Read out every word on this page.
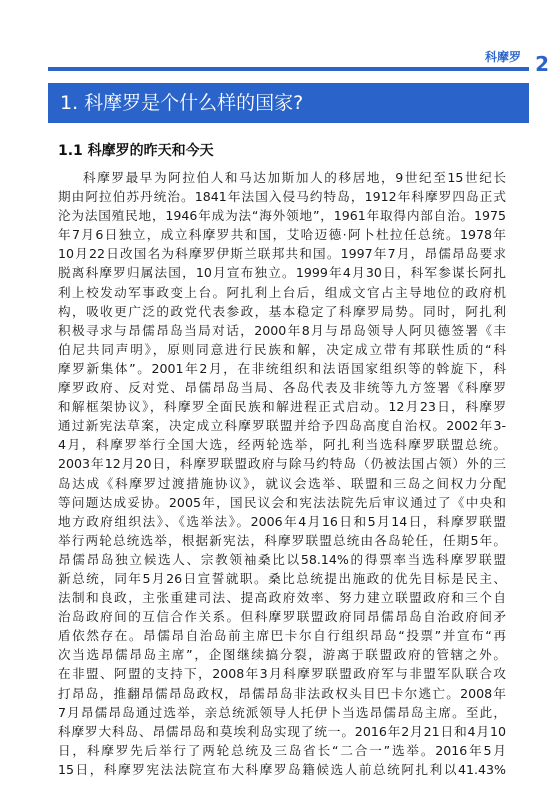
科摩罗 2
1. 科摩罗是个什么样的国家?
1.1 科摩罗的昨天和今天
科摩罗最早为阿拉伯人和马达加斯加人的移居地，9世纪至15世纪长
期由阿拉伯苏丹统治。1841年法国入侵马约特岛，1912年科摩罗四岛正式
沦为法国殖民地，1946年成为法“海外领地”，1961年取得内部自治。1975
年7月6日独立，成立科摩罗共和国，艾哈迈德·阿卜杜拉任总统。1978年
10月22日改国名为科摩罗伊斯兰联邦共和国。1997年7月，昂儒昂岛要求
脱离科摩罗归属法国，10月宣布独立。1999年4月30日，科军参谋长阿扎
利上校发动军事政变上台。阿扎利上台后，组成文官占主导地位的政府机
构，吸收更广泛的政党代表参政，基本稳定了科摩罗局势。同时，阿扎利
积极寻求与昂儒昂岛当局对话，2000年8月与昂岛领导人阿贝德签署《丰
伯尼共同声明》，原则同意进行民族和解，决定成立带有邦联性质的“科
摩罗新集体”。2001年2月，在非统组织和法语国家组织等的斡旋下，科
摩罗政府、反对党、昂儒昂岛当局、各岛代表及非统等九方签署《科摩罗
和解框架协议》，科摩罗全面民族和解进程正式启动。12月23日，科摩罗
通过新宪法草案，决定成立科摩罗联盟并给予四岛高度自治权。2002年3-
4月，科摩罗举行全国大选，经两轮选举，阿扎利当选科摩罗联盟总统。
2003年12月20日，科摩罗联盟政府与除马约特岛（仍被法国占领）外的三
岛达成《科摩罗过渡措施协议》，就议会选举、联盟和三岛之间权力分配
等问题达成妥协。2005年，国民议会和宪法法院先后审议通过了《中央和
地方政府组织法》、《选举法》。2006年4月16日和5月14日，科摩罗联盟
举行两轮总统选举，根据新宪法，科摩罗联盟总统由各岛轮任，任期5年。
昂儒昂岛独立候选人、宗教领袖桑比以58.14%的得票率当选科摩罗联盟
新总统，同年5月26日宣誓就职。桑比总统提出施政的优先目标是民主、
法制和良政，主张重建司法、提高政府效率、努力建立联盟政府和三个自
治岛政府间的互信合作关系。但科摩罗联盟政府同昂儒昂岛自治政府间矛
盾依然存在。昂儒昂自治岛前主席巴卡尔自行组织昂岛“投票”并宣布“再
次当选昂儒昂岛主席”，企图继续搞分裂，游离于联盟政府的管辖之外。
在非盟、阿盟的支持下，2008年3月科摩罗联盟政府军与非盟军队联合攻
打昂岛，推翻昂儒昂岛政权，昂儒昂岛非法政权头目巴卡尔逃亡。2008年
7月昂儒昂岛通过选举，亲总统派领导人托伊卜当选昂儒昂岛主席。至此，
科摩罗大科岛、昂儒昂岛和莫埃利岛实现了统一。2016年2月21日和4月10
日，科摩罗先后举行了两轮总统及三岛省长“二合一”选举。2016年5月
15日，科摩罗宪法法院宣布大科摩罗岛籍候选人前总统阿扎利以41.43%
